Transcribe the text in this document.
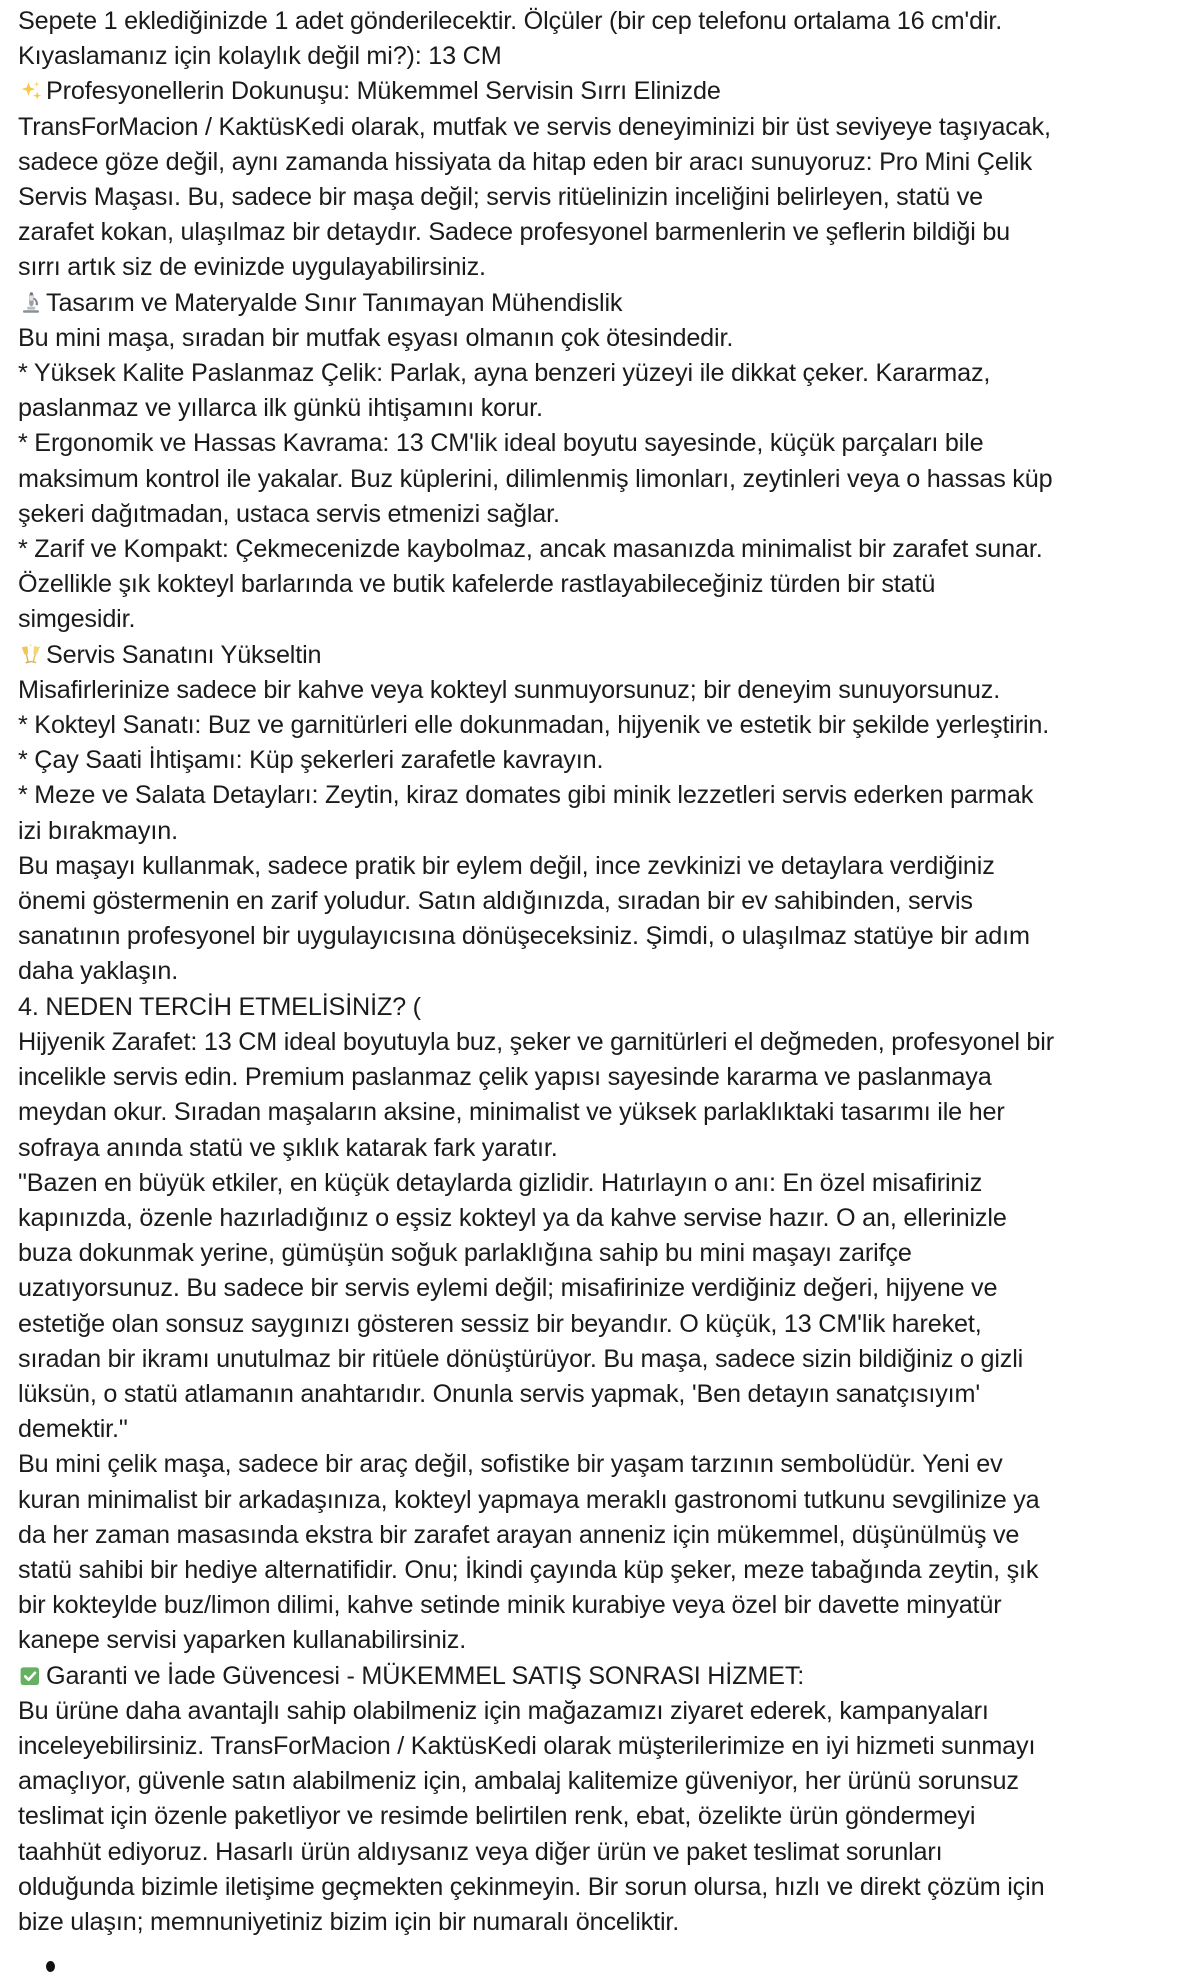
Sepete 1 eklediğinizde 1 adet gönderilecektir. Ölçüler (bir cep telefonu ortalama 16 cm'dir. Kıyaslamanız için kolaylık değil mi?): 13 CM

Profesyonellerin Dokunuşu: Mükemmel Servisin Sırrı Elinizde

TransForMacion / KaktüsKedi olarak, mutfak ve servis deneyiminizi bir üst seviyeye taşıyacak, sadece göze değil, aynı zamanda hissiyata da hitap eden bir aracı sunuyoruz: Pro Mini Çelik Servis Maşası. Bu, sadece bir maşa değil; servis ritüelinizin inceliğini belirleyen, statü ve zarafet kokan, ulaşılmaz bir detaydır. Sadece profesyonel barmenlerin ve şeflerin bildiği bu sırrı artık siz de evinizde uygulayabilirsiniz.

Tasarım ve Materyalde Sınır Tanımayan Mühendislik

Bu mini maşa, sıradan bir mutfak eşyası olmanın çok ötesindedir.

* Yüksek Kalite Paslanmaz Çelik: Parlak, ayna benzeri yüzeyi ile dikkat çeker. Kararmaz, paslanmaz ve yıllarca ilk günkü ihtişamını korur.

* Ergonomik ve Hassas Kavrama: 13 CM'lik ideal boyutu sayesinde, küçük parçaları bile maksimum kontrol ile yakalar. Buz küplerini, dilimlenmiş limonları, zeytinleri veya o hassas küp şekeri dağıtmadan, ustaca servis etmenizi sağlar.

* Zarif ve Kompakt: Çekmecenizde kaybolmaz, ancak masanızda minimalist bir zarafet sunar. Özellikle şık kokteyl barlarında ve butik kafelerde rastlayabileceğiniz türden bir statü simgesidir.

Servis Sanatını Yükseltin

Misafirlerinize sadece bir kahve veya kokteyl sunmuyorsunuz; bir deneyim sunuyorsunuz.

* Kokteyl Sanatı: Buz ve garnitürleri elle dokunmadan, hijyenik ve estetik bir şekilde yerleştirin.

* Çay Saati İhtişamı: Küp şekerleri zarafetle kavrayın.

* Meze ve Salata Detayları: Zeytin, kiraz domates gibi minik lezzetleri servis ederken parmak izi bırakmayın.

Bu maşayı kullanmak, sadece pratik bir eylem değil, ince zevkinizi ve detaylara verdiğiniz önemi göstermenin en zarif yoludur. Satın aldığınızda, sıradan bir ev sahibinden, servis sanatının profesyonel bir uygulayıcısına dönüşeceksiniz. Şimdi, o ulaşılmaz statüye bir adım daha yaklaşın.

4. NEDEN TERCİH ETMELİSİNİZ? (

Hijyenik Zarafet: 13 CM ideal boyutuyla buz, şeker ve garnitürleri el değmeden, profesyonel bir incelikle servis edin. Premium paslanmaz çelik yapısı sayesinde kararma ve paslanmaya meydan okur. Sıradan maşaların aksine, minimalist ve yüksek parlaklıktaki tasarımı ile her sofraya anında statü ve şıklık katarak fark yaratır.

"Bazen en büyük etkiler, en küçük detaylarda gizlidir. Hatırlayın o anı: En özel misafiriniz kapınızda, özenle hazırladığınız o eşsiz kokteyl ya da kahve servise hazır. O an, ellerinizle buza dokunmak yerine, gümüşün soğuk parlaklığına sahip bu mini maşayı zarifçe uzatıyorsunuz. Bu sadece bir servis eylemi değil; misafirinize verdiğiniz değeri, hijyene ve estetiğe olan sonsuz saygınızı gösteren sessiz bir beyandır. O küçük, 13 CM'lik hareket, sıradan bir ikramı unutulmaz bir ritüele dönüştürüyor. Bu maşa, sadece sizin bildiğiniz o gizli lüksün, o statü atlamanın anahtarıdır. Onunla servis yapmak, 'Ben detayın sanatçısıyım' demektir."

Bu mini çelik maşa, sadece bir araç değil, sofistike bir yaşam tarzının sembolüdür. Yeni ev kuran minimalist bir arkadaşınıza, kokteyl yapmaya meraklı gastronomi tutkunu sevgilinize ya da her zaman masasında ekstra bir zarafet arayan anneniz için mükemmel, düşünülmüş ve statü sahibi bir hediye alternatifidir. Onu; İkindi çayında küp şeker, meze tabağında zeytin, şık bir kokteylde buz/limon dilimi, kahve setinde minik kurabiye veya özel bir davette minyatür kanepe servisi yaparken kullanabilirsiniz.

Garanti ve İade Güvencesi - MÜKEMMEL SATIŞ SONRASI HİZMET:

Bu ürüne daha avantajlı sahip olabilmeniz için mağazamızı ziyaret ederek, kampanyaları inceleyebilirsiniz. TransForMacion / KaktüsKedi olarak müşterilerimize en iyi hizmeti sunmayı amaçlıyor, güvenle satın alabilmeniz için, ambalaj kalitemize güveniyor, her ürünü sorunsuz teslimat için özenle paketliyor ve resimde belirtilen renk, ebat, özelikte ürün göndermeyi taahhüt ediyoruz. Hasarlı ürün aldıysanız veya diğer ürün ve paket teslimat sorunları olduğunda bizimle iletişime geçmekten çekinmeyin. Bir sorun olursa, hızlı ve direkt çözüm için bize ulaşın; memnuniyetiniz bizim için bir numaralı önceliktir.
